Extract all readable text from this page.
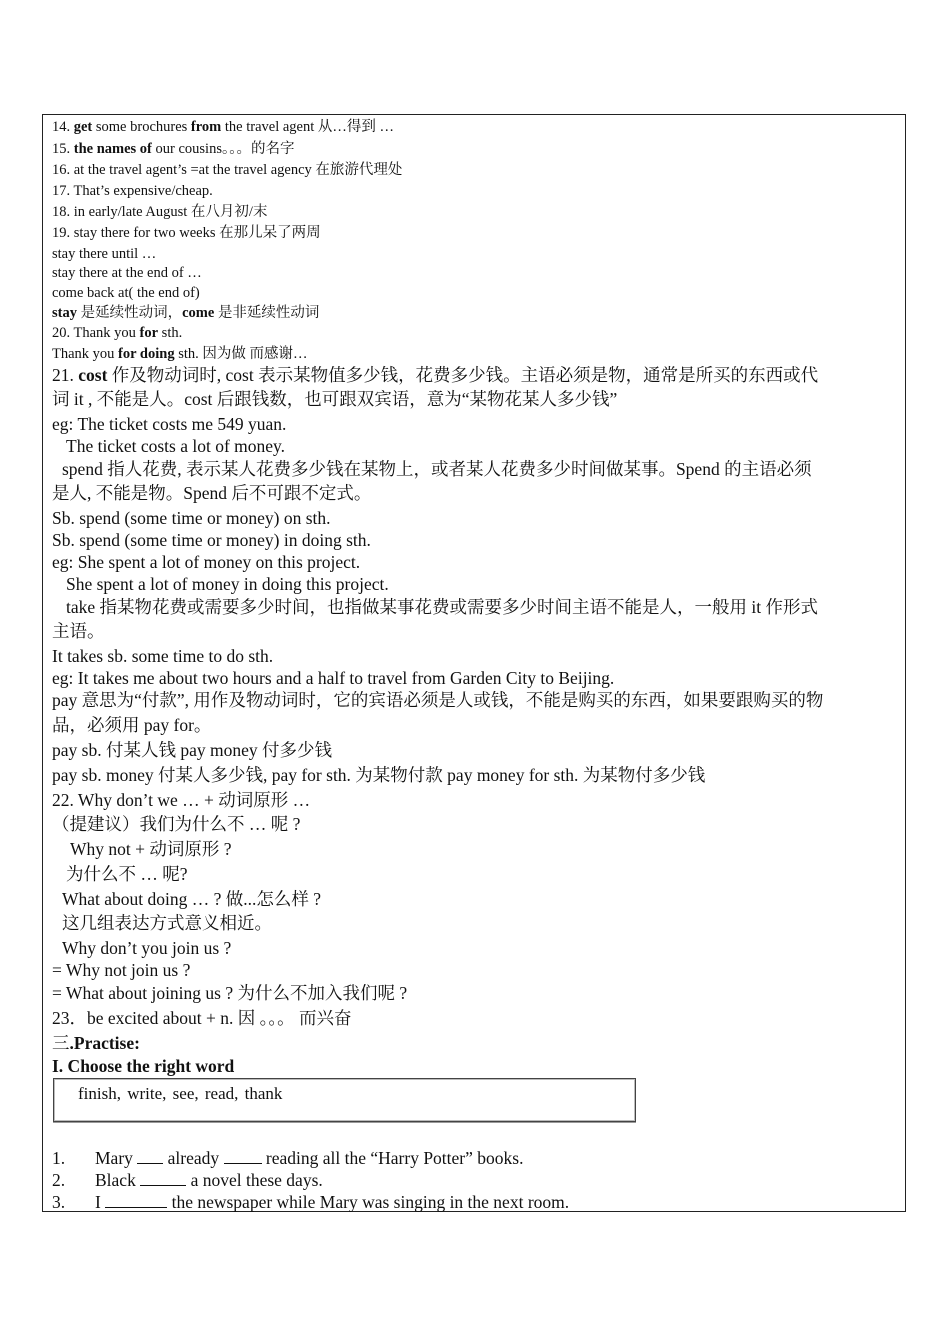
14. get some brochures from the travel agent 从…得到 …
15. the names of our cousins。。。的名字
16. at the travel agent’s =at the travel agency 在旅游代理处
17. That’s expensive/cheap.
18. in early/late August 在八月初/末
19. stay there for two weeks 在那儿呆了两周
stay there until …
stay there at the end of …
come back at( the end of)
stay 是延续性动词，come 是非延续性动词
20. Thank you for sth.
Thank you for doing sth. 因为做 而感谢…
21. cost 作及物动词时, cost 表示某物值多少钱，花费多少钱。主语必须是物，通常是所买的东西或代
词 it , 不能是人。cost 后跟钱数，也可跟双宾语，意为“某物花某人多少钱”
eg: The ticket costs me 549 yuan.
The ticket costs a lot of money.
spend 指人花费, 表示某人花费多少钱在某物上，或者某人花费多少时间做某事。Spend 的主语必须
是人, 不能是物。Spend 后不可跟不定式。
Sb. spend (some time or money) on sth.
Sb. spend (some time or money) in doing sth.
eg: She spent a lot of money on this project.
She spent a lot of money in doing this project.
take 指某物花费或需要多少时间，也指做某事花费或需要多少时间主语不能是人，一般用 it 作形式
主语。
It takes sb. some time to do sth.
eg: It takes me about two hours and a half to travel from Garden City to Beijing.
pay 意思为“付款”, 用作及物动词时，它的宾语必须是人或钱，不能是购买的东西，如果要跟购买的物
品，必须用 pay for。
pay sb. 付某人钱 pay money 付多少钱
pay sb. money 付某人多少钱, pay for sth. 为某物付款 pay money for sth. 为某物付多少钱
22. Why don’t we … + 动词原形 …
（提建议）我们为什么不 … 呢 ?
Why not + 动词原形 ?
为什么不 … 呢?
What about doing … ? 做...怎么样 ?
这几组表达方式意义相近。
Why don’t you join us ?
= Why not join us ?
= What about joining us ? 为什么不加入我们呢 ?
23．be excited about + n. 因 。。。 而兴奋
三.Practise:
I. Choose the right word
finish, write, see, read, thank
1. Mary  already  reading all the “Harry Potter” books.
2. Black	a novel these days.
3. I	the newspaper while Mary was singing in the next room.
